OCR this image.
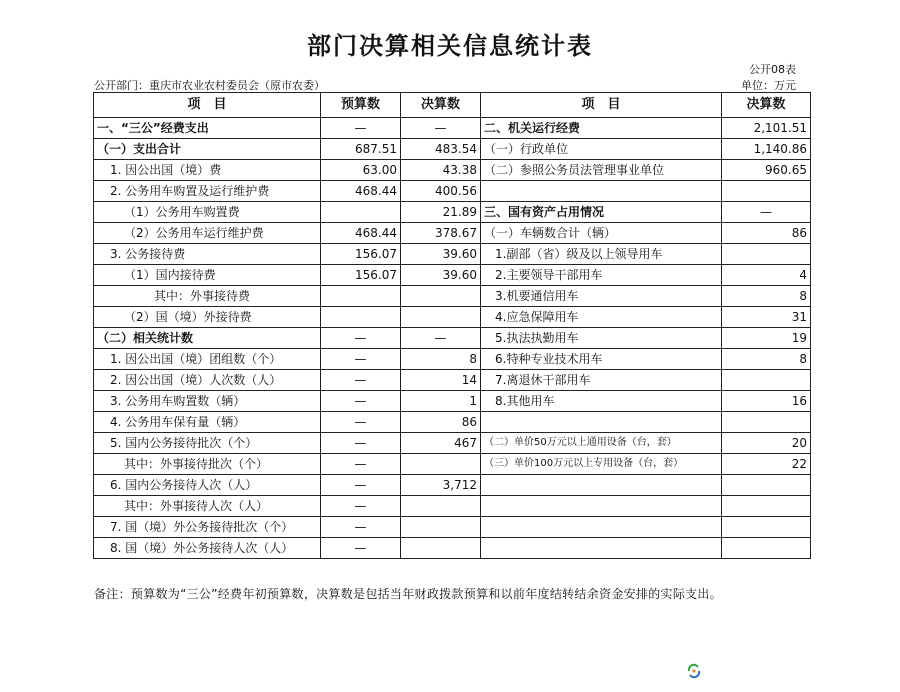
部门决算相关信息统计表
公开08表
公开部门：重庆市农业农村委员会（原市农委）	单位：万元
项　目	预算数	决算数	项　目	决算数
一、“三公”经费支出	—	—	二、机关运行经费	2,101.51
（一）支出合计	687.51	483.54	（一）行政单位	1,140.86
1. 因公出国（境）费	63.00	43.38	（二）参照公务员法管理事业单位	960.65
2. 公务用车购置及运行维护费	468.44	400.56		
（1）公务用车购置费		21.89	三、国有资产占用情况	—
（2）公务用车运行维护费	468.44	378.67	（一）车辆数合计（辆）	86
3. 公务接待费	156.07	39.60	1.副部（省）级及以上领导用车	
（1）国内接待费	156.07	39.60	2.主要领导干部用车	4
其中：外事接待费			3.机要通信用车	8
（2）国（境）外接待费			4.应急保障用车	31
（二）相关统计数	—	—	5.执法执勤用车	19
1. 因公出国（境）团组数（个）	—	8	6.特种专业技术用车	8
2. 因公出国（境）人次数（人）	—	14	7.离退休干部用车	
3. 公务用车购置数（辆）	—	1	8.其他用车	16
4. 公务用车保有量（辆）	—	86		
5. 国内公务接待批次（个）	—	467	（二）单价50万元以上通用设备（台，套）	20
其中：外事接待批次（个）	—		（三）单价100万元以上专用设备（台，套）	22
6. 国内公务接待人次（人）	—	3,712		
其中：外事接待人次（人）	—			
7. 国（境）外公务接待批次（个）	—			
8. 国（境）外公务接待人次（人）	—			
备注：预算数为“三公”经费年初预算数，决算数是包括当年财政拨款预算和以前年度结转结余资金安排的实际支出。
